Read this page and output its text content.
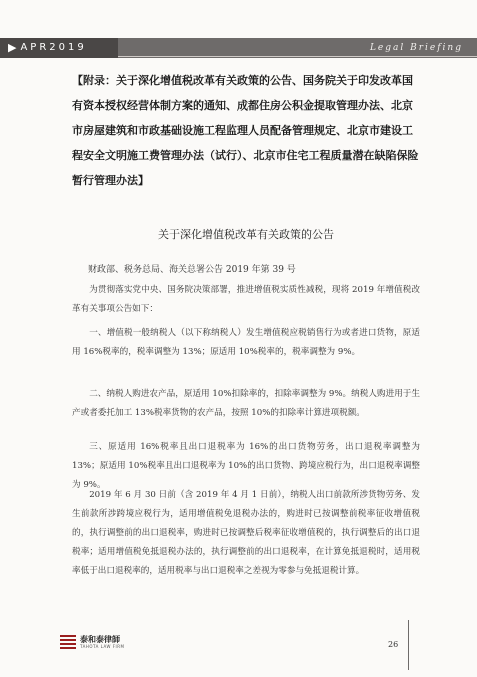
▶ APR2019	Legal Briefing
【附录：关于深化增值税改革有关政策的公告、国务院关于印发改革国有资本授权经营体制方案的通知、成都住房公积金提取管理办法、北京市房屋建筑和市政基础设施工程监理人员配备管理规定、北京市建设工程安全文明施工费管理办法（试行）、北京市住宅工程质量潜在缺陷保险暂行管理办法】
关于深化增值税改革有关政策的公告
财政部、税务总局、海关总署公告 2019 年第 39 号
为贯彻落实党中央、国务院决策部署，推进增值税实质性减税，现将 2019 年增值税改革有关事项公告如下：
一、增值税一般纳税人（以下称纳税人）发生增值税应税销售行为或者进口货物，原适用 16%税率的，税率调整为 13%；原适用 10%税率的，税率调整为 9%。
二、纳税人购进农产品，原适用 10%扣除率的，扣除率调整为 9%。纳税人购进用于生产或者委托加工 13%税率货物的农产品，按照 10%的扣除率计算进项税额。
三、原适用 16%税率且出口退税率为 16%的出口货物劳务，出口退税率调整为 13%；原适用 10%税率且出口退税率为 10%的出口货物、跨境应税行为，出口退税率调整为 9%。
2019 年 6 月 30 日前（含 2019 年 4 月 1 日前），纳税人出口前款所涉货物劳务、发生前款所涉跨境应税行为，适用增值税免退税办法的，购进时已按调整前税率征收增值税的，执行调整前的出口退税率，购进时已按调整后税率征收增值税的，执行调整后的出口退税率；适用增值税免抵退税办法的，执行调整前的出口退税率，在计算免抵退税时，适用税率低于出口退税率的，适用税率与出口退税率之差视为零参与免抵退税计算。
泰和泰律師
TAHOTA LAW FIRM	26
